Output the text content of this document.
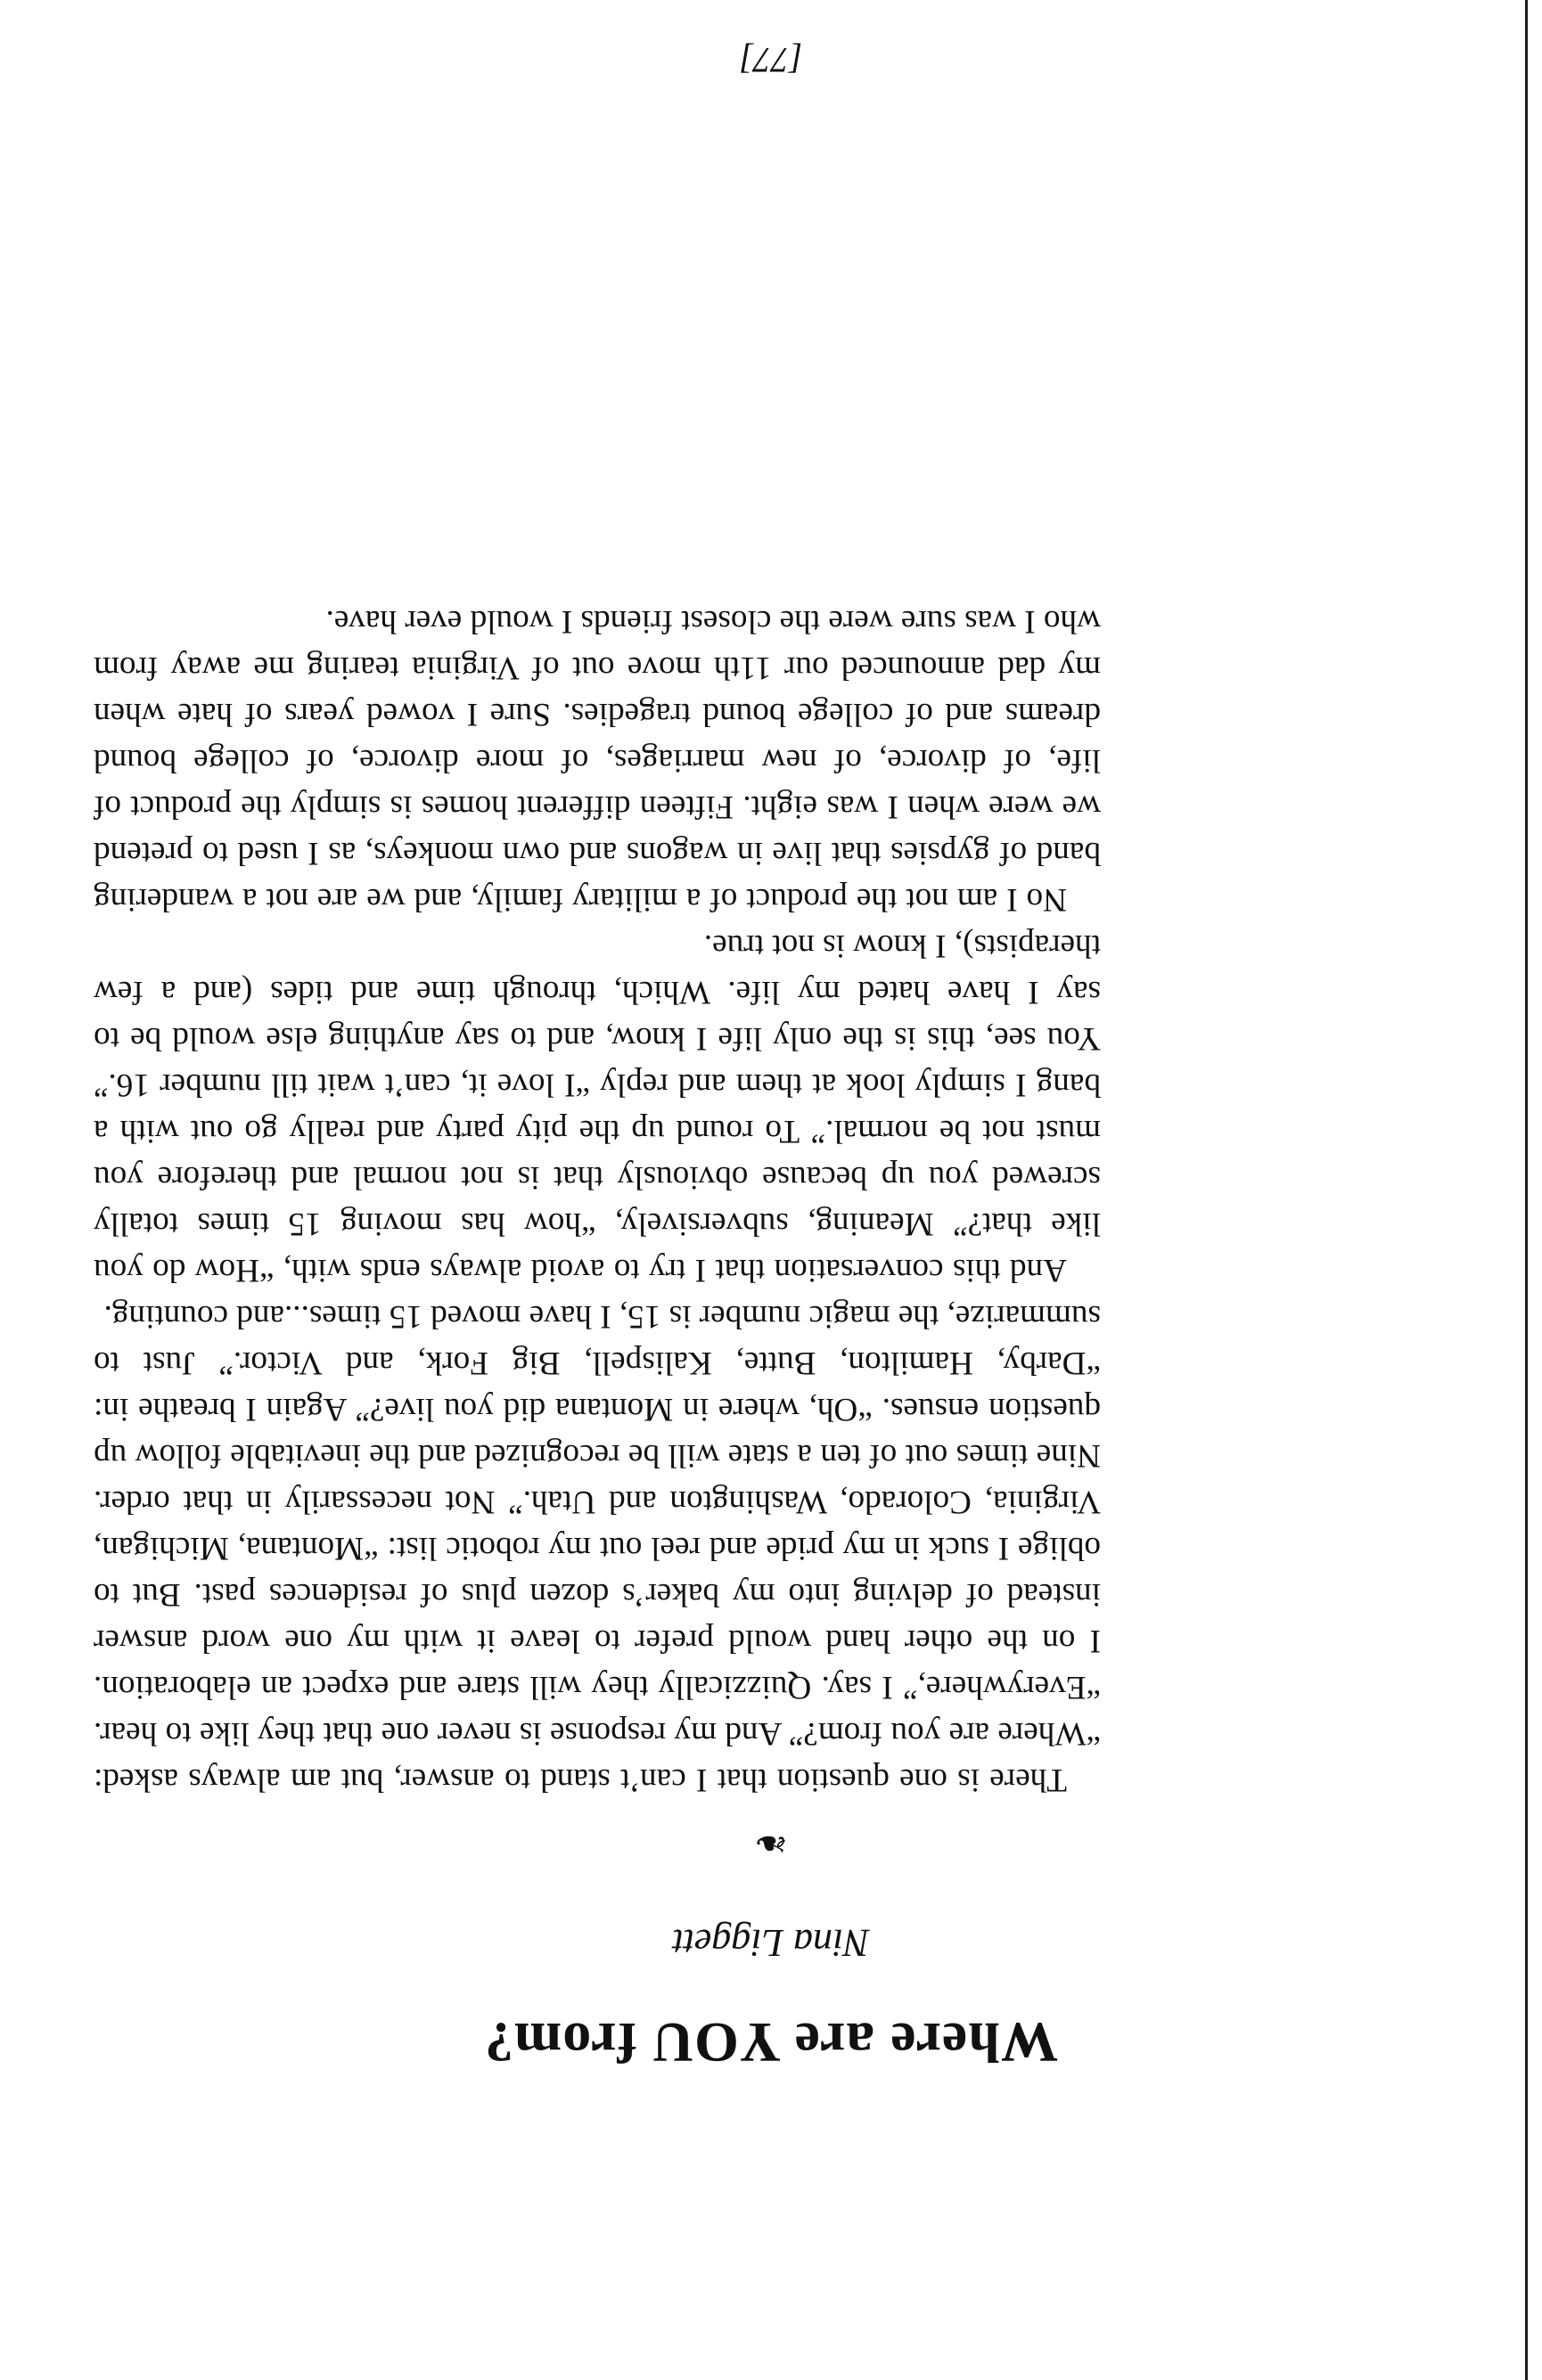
Where are YOU from?
Nina Liggett
❧

There is one question that I can’t stand to answer, but am always asked: “Where are you from?” And my response is never one that they like to hear. “Everywhere,” I say. Quizzically they will stare and expect an elaboration. I on the other hand would prefer to leave it with my one word answer instead of delving into my baker’s dozen plus of residences past. But to oblige I suck in my pride and reel out my robotic list: “Montana, Michigan, Virginia, Colorado, Washington and Utah.” Not necessarily in that order. Nine times out of ten a state will be recognized and the inevitable follow up question ensues. “Oh, where in Montana did you live?” Again I breathe in: “Darby, Hamilton, Butte, Kalispell, Big Fork, and Victor.” Just to summarize, the magic number is 15, I have moved 15 times...and counting.

And this conversation that I try to avoid always ends with, “How do you like that?” Meaning, subversively, “how has moving 15 times totally screwed you up because obviously that is not normal and therefore you must not be normal.” To round up the pity party and really go out with a bang I simply look at them and reply “I love it, can’t wait till number 16.” You see, this is the only life I know, and to say anything else would be to say I have hated my life. Which, through time and tides (and a few therapists), I know is not true.

No I am not the product of a military family, and we are not a wandering band of gypsies that live in wagons and own monkeys, as I used to pretend we were when I was eight. Fifteen different homes is simply the product of life, of divorce, of new marriages, of more divorce, of college bound dreams and of college bound tragedies. Sure I vowed years of hate when my dad announced our 11th move out of Virginia tearing me away from who I was sure were the closest friends I would ever have.

[77]
